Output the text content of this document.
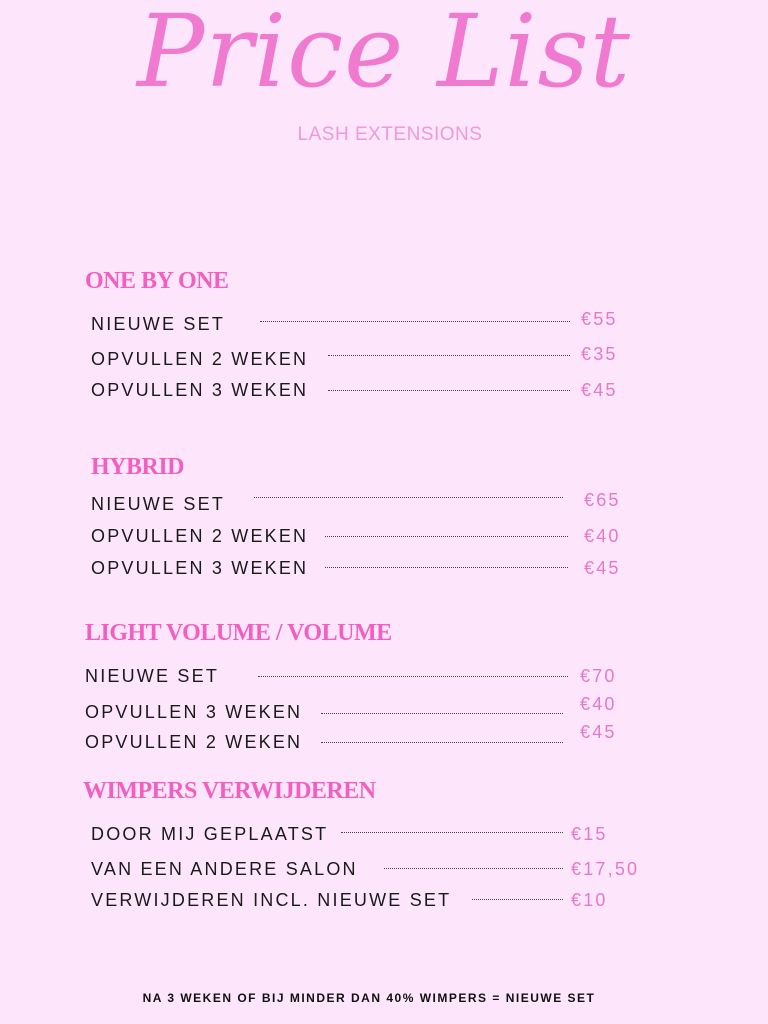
Price List
LASH EXTENSIONS
ONE BY ONE
NIEUWE SET	€55
OPVULLEN 2 WEKEN	€35
OPVULLEN 3 WEKEN	€45
HYBRID
NIEUWE SET	€65
OPVULLEN 2 WEKEN	€40
OPVULLEN 3 WEKEN	€45
LIGHT VOLUME / VOLUME
NIEUWE SET	€70
OPVULLEN 3 WEKEN	€40
OPVULLEN 2 WEKEN	€45
WIMPERS VERWIJDEREN
DOOR MIJ GEPLAATST	€15
VAN EEN ANDERE SALON	€17,50
VERWIJDEREN INCL. NIEUWE SET	€10
NA 3 WEKEN OF BIJ MINDER DAN 40% WIMPERS = NIEUWE SET
